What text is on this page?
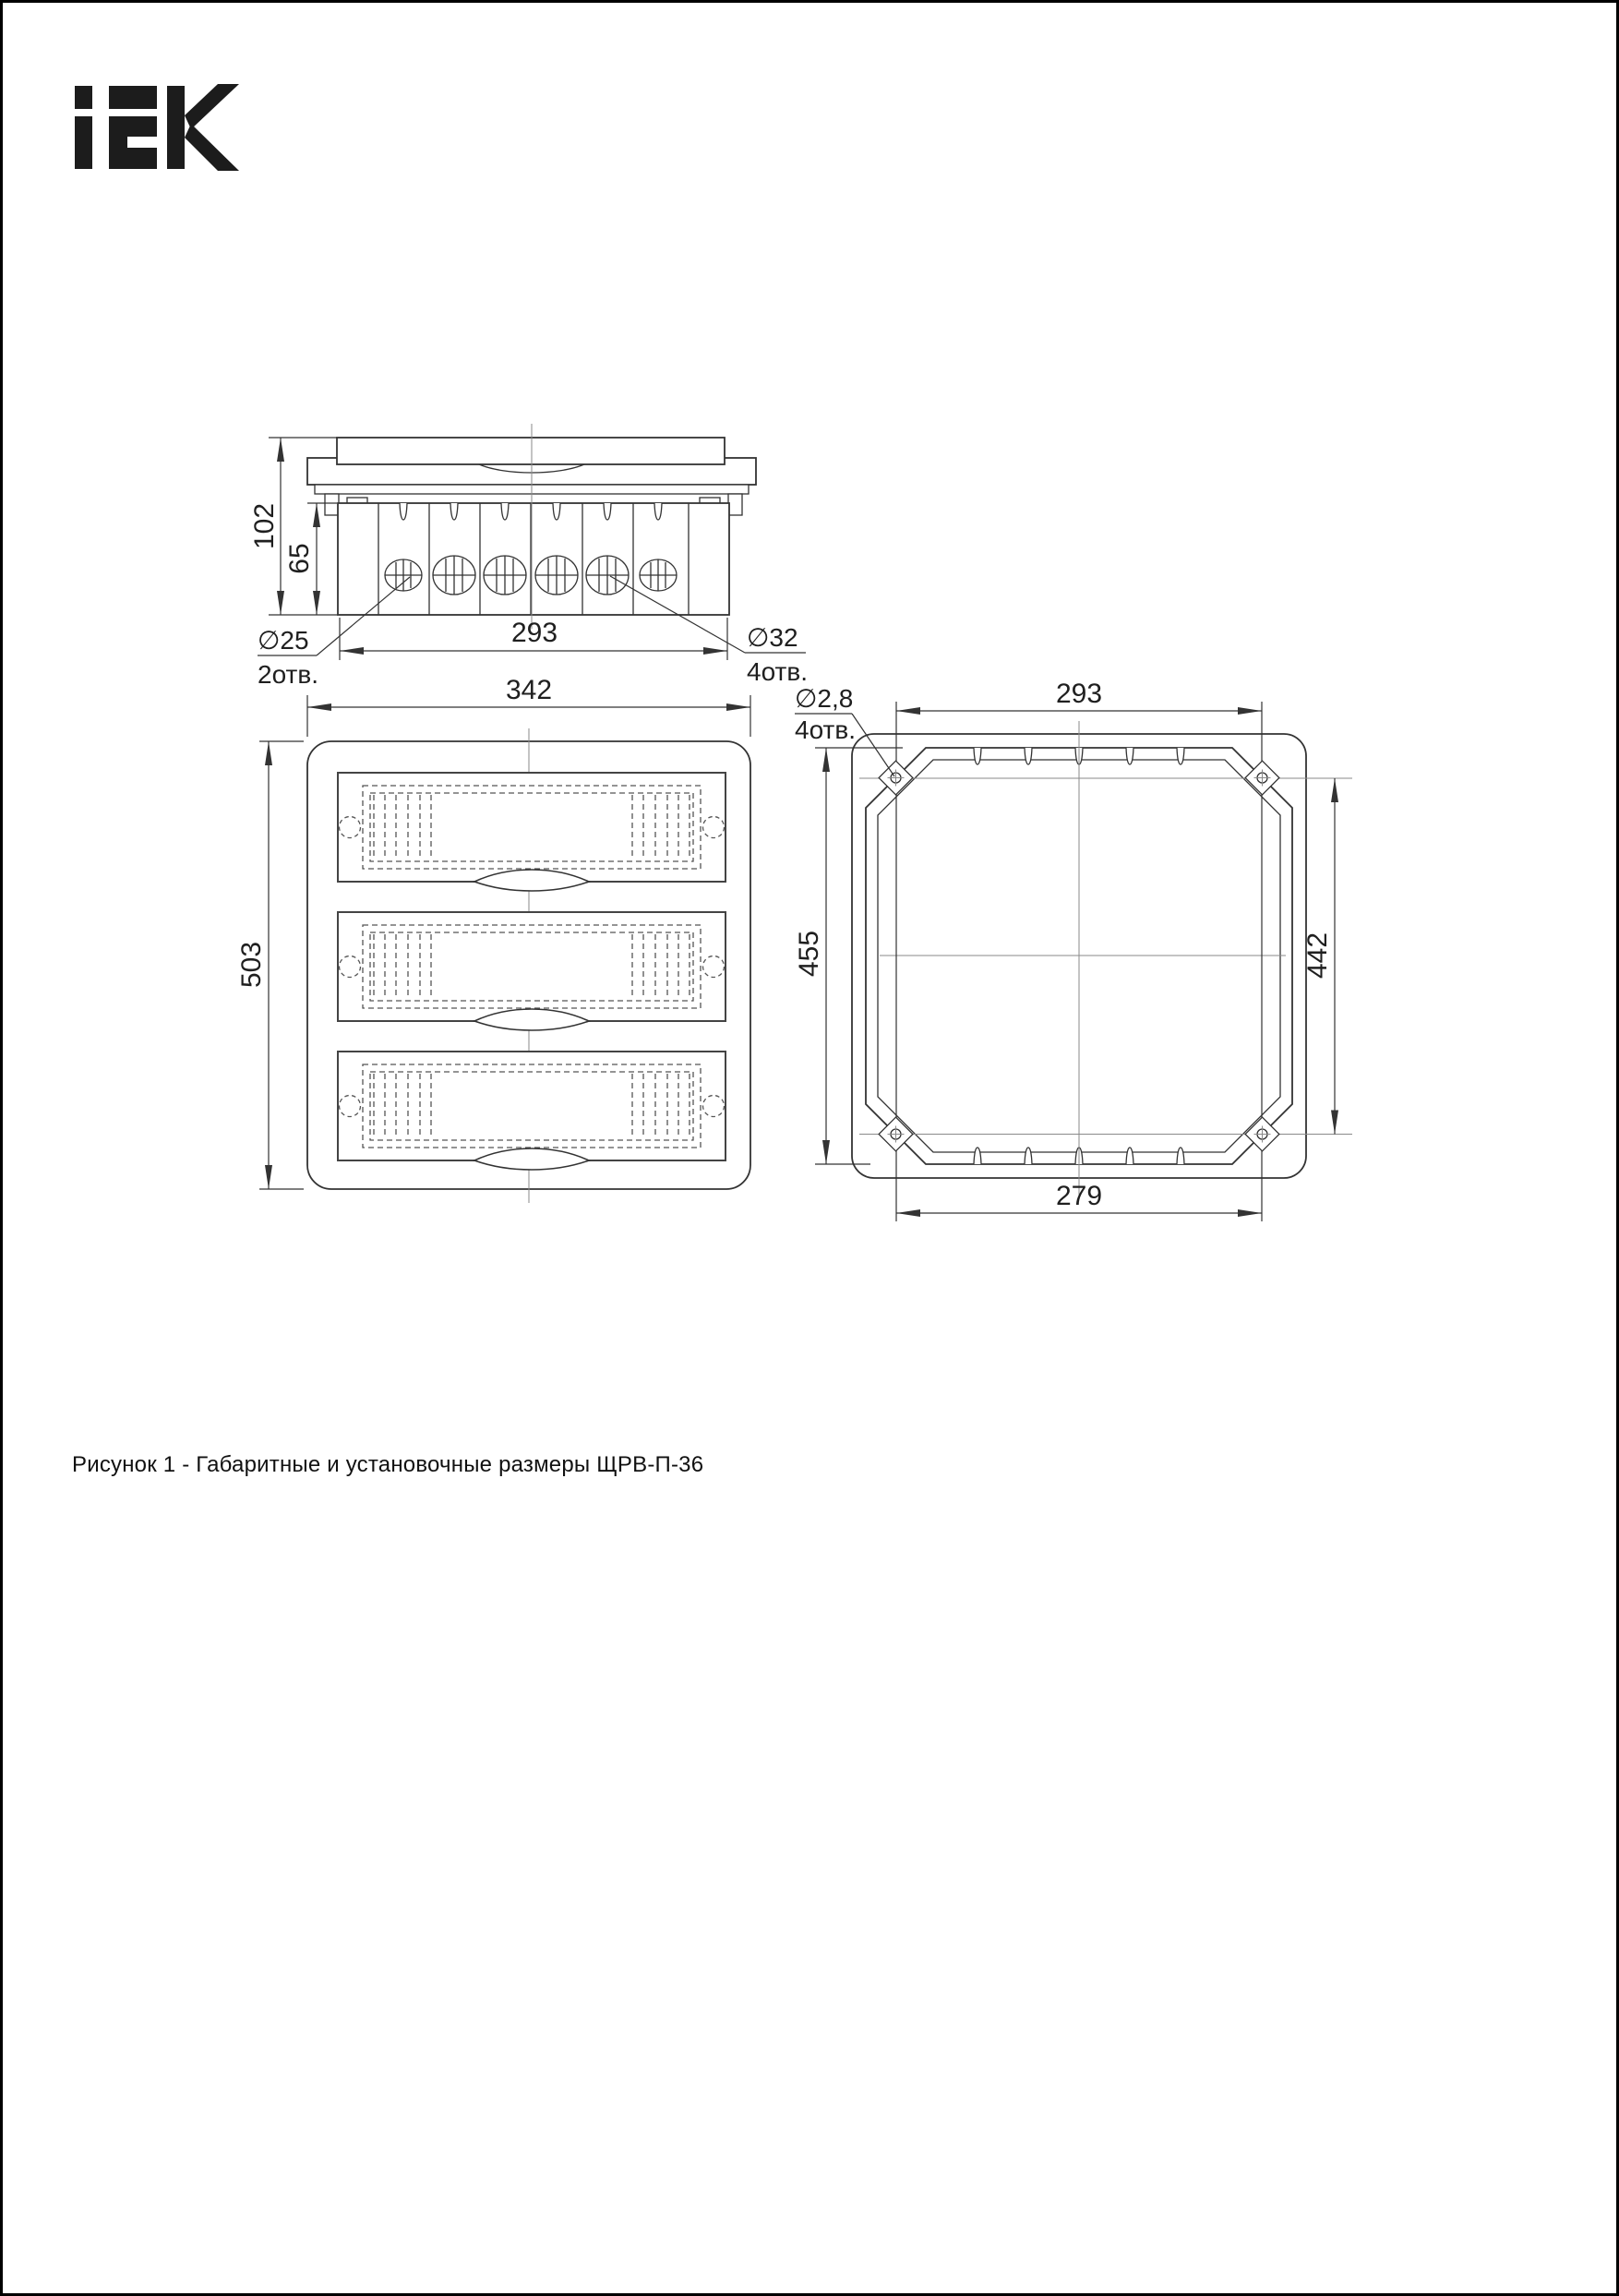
102
65
293
∅25
2отв.
∅32
4отв.
342
503
293
279
455	442
∅2,8
4отв.
Рисунок 1 - Габаритные и установочные размеры ЩРВ-П-36
